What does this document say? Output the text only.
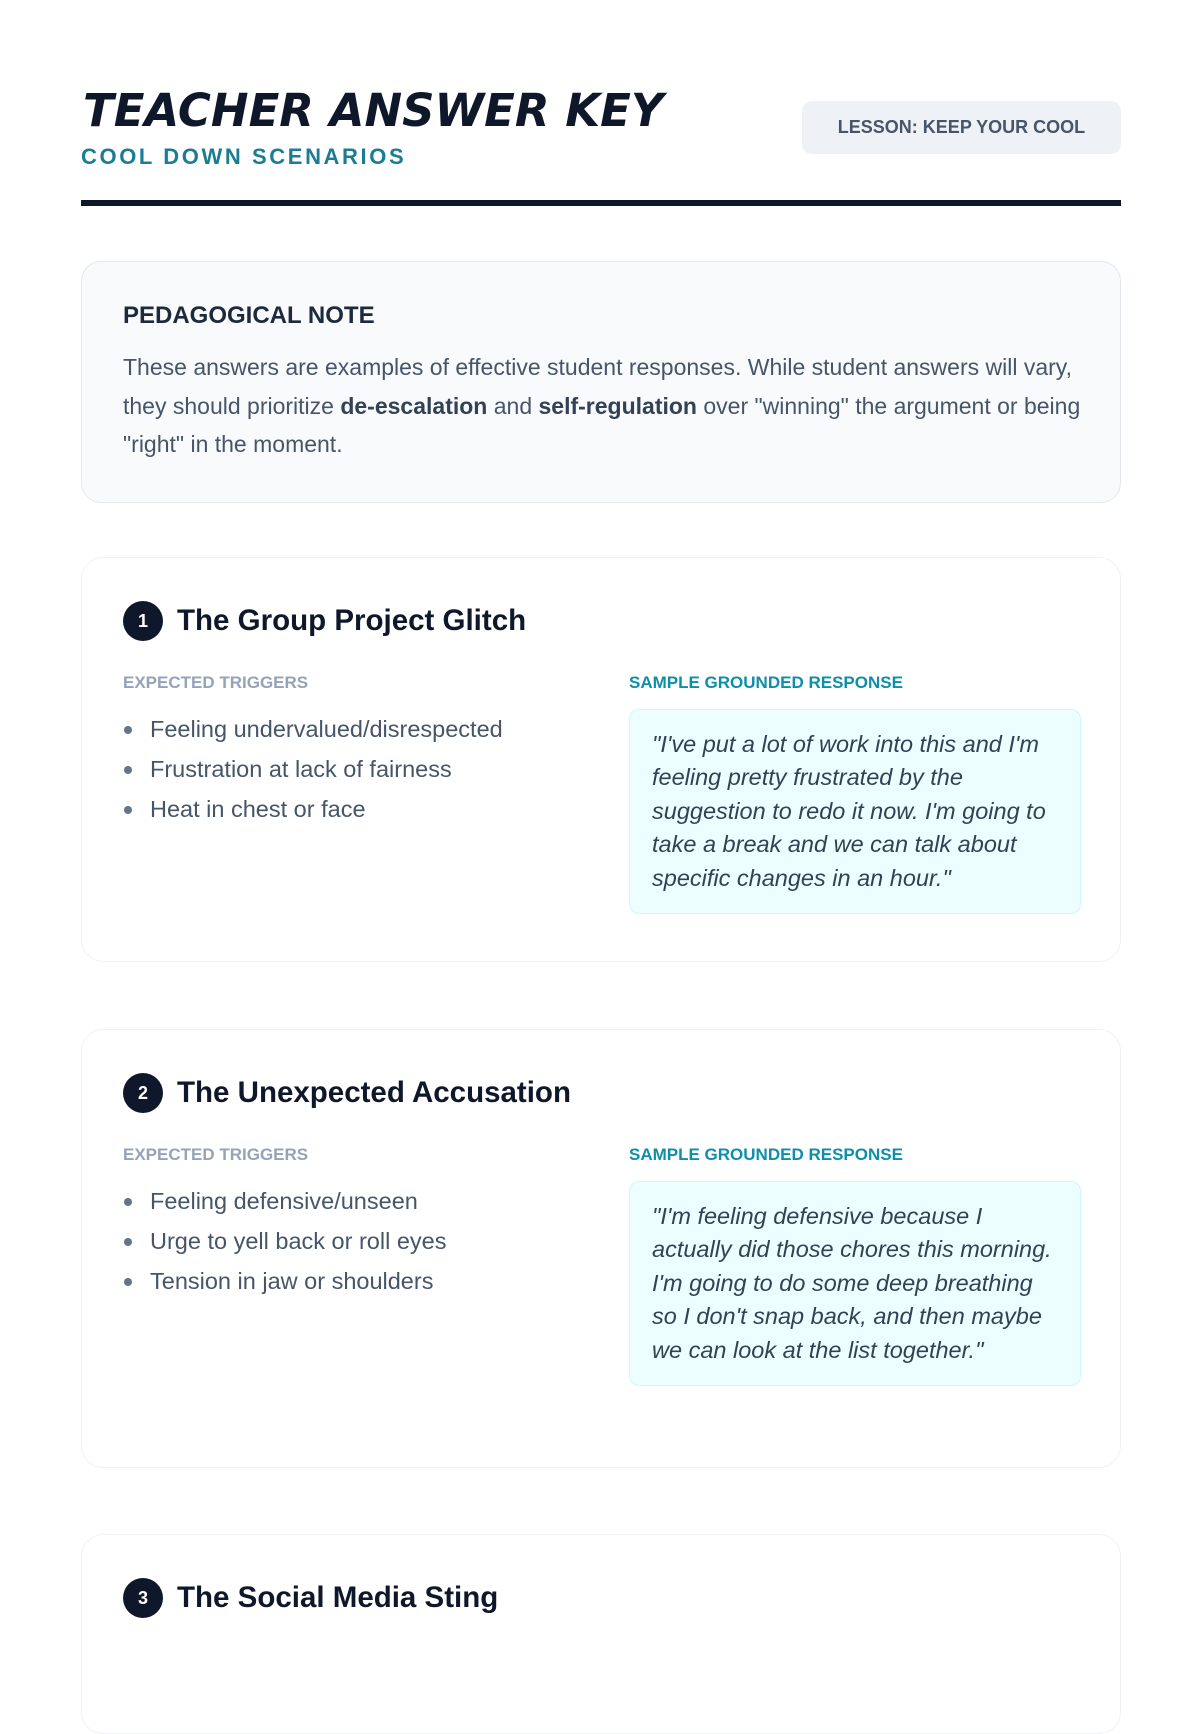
TEACHER ANSWER KEY
COOL DOWN SCENARIOS
LESSON: KEEP YOUR COOL
PEDAGOGICAL NOTE

These answers are examples of effective student responses. While student answers will vary, they should prioritize de-escalation and self-regulation over "winning" the argument or being "right" in the moment.

1 The Group Project Glitch
EXPECTED TRIGGERS	SAMPLE GROUNDED RESPONSE
Feeling undervalued/disrespected
Frustration at lack of fairness
Heat in chest or face
"I've put a lot of work into this and I'm feeling pretty frustrated by the suggestion to redo it now. I'm going to take a break and we can talk about specific changes in an hour."
2 The Unexpected Accusation
EXPECTED TRIGGERS	SAMPLE GROUNDED RESPONSE
Feeling defensive/unseen
Urge to yell back or roll eyes
Tension in jaw or shoulders
"I'm feeling defensive because I actually did those chores this morning. I'm going to do some deep breathing so I don't snap back, and then maybe we can look at the list together."
3 The Social Media Sting
